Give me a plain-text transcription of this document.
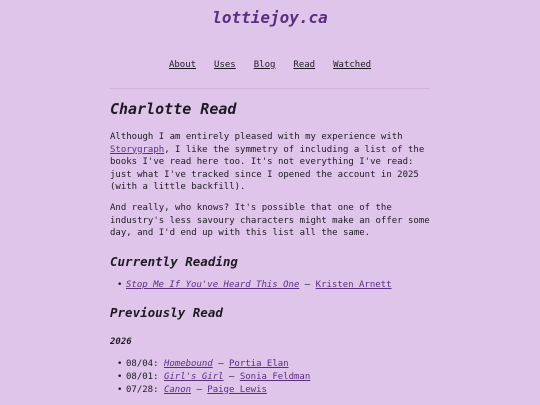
lottiejoy.ca
About Uses Blog Read Watched
Charlotte Read

Although I am entirely pleased with my experience with Storygraph, I like the symmetry of including a list of the books I've read here too. It's not everything I've read: just what I've tracked since I opened the account in 2025 (with a little backfill).

And really, who knows? It's possible that one of the industry's less savoury characters might make an offer some day, and I'd end up with this list all the same.

Currently Reading
• Stop Me If You've Heard This One – Kristen Arnett
Previously Read
2026
• 08/04: Homebound – Portia Elan
• 08/01: Girl's Girl – Sonia Feldman
• 07/28: Canon – Paige Lewis
